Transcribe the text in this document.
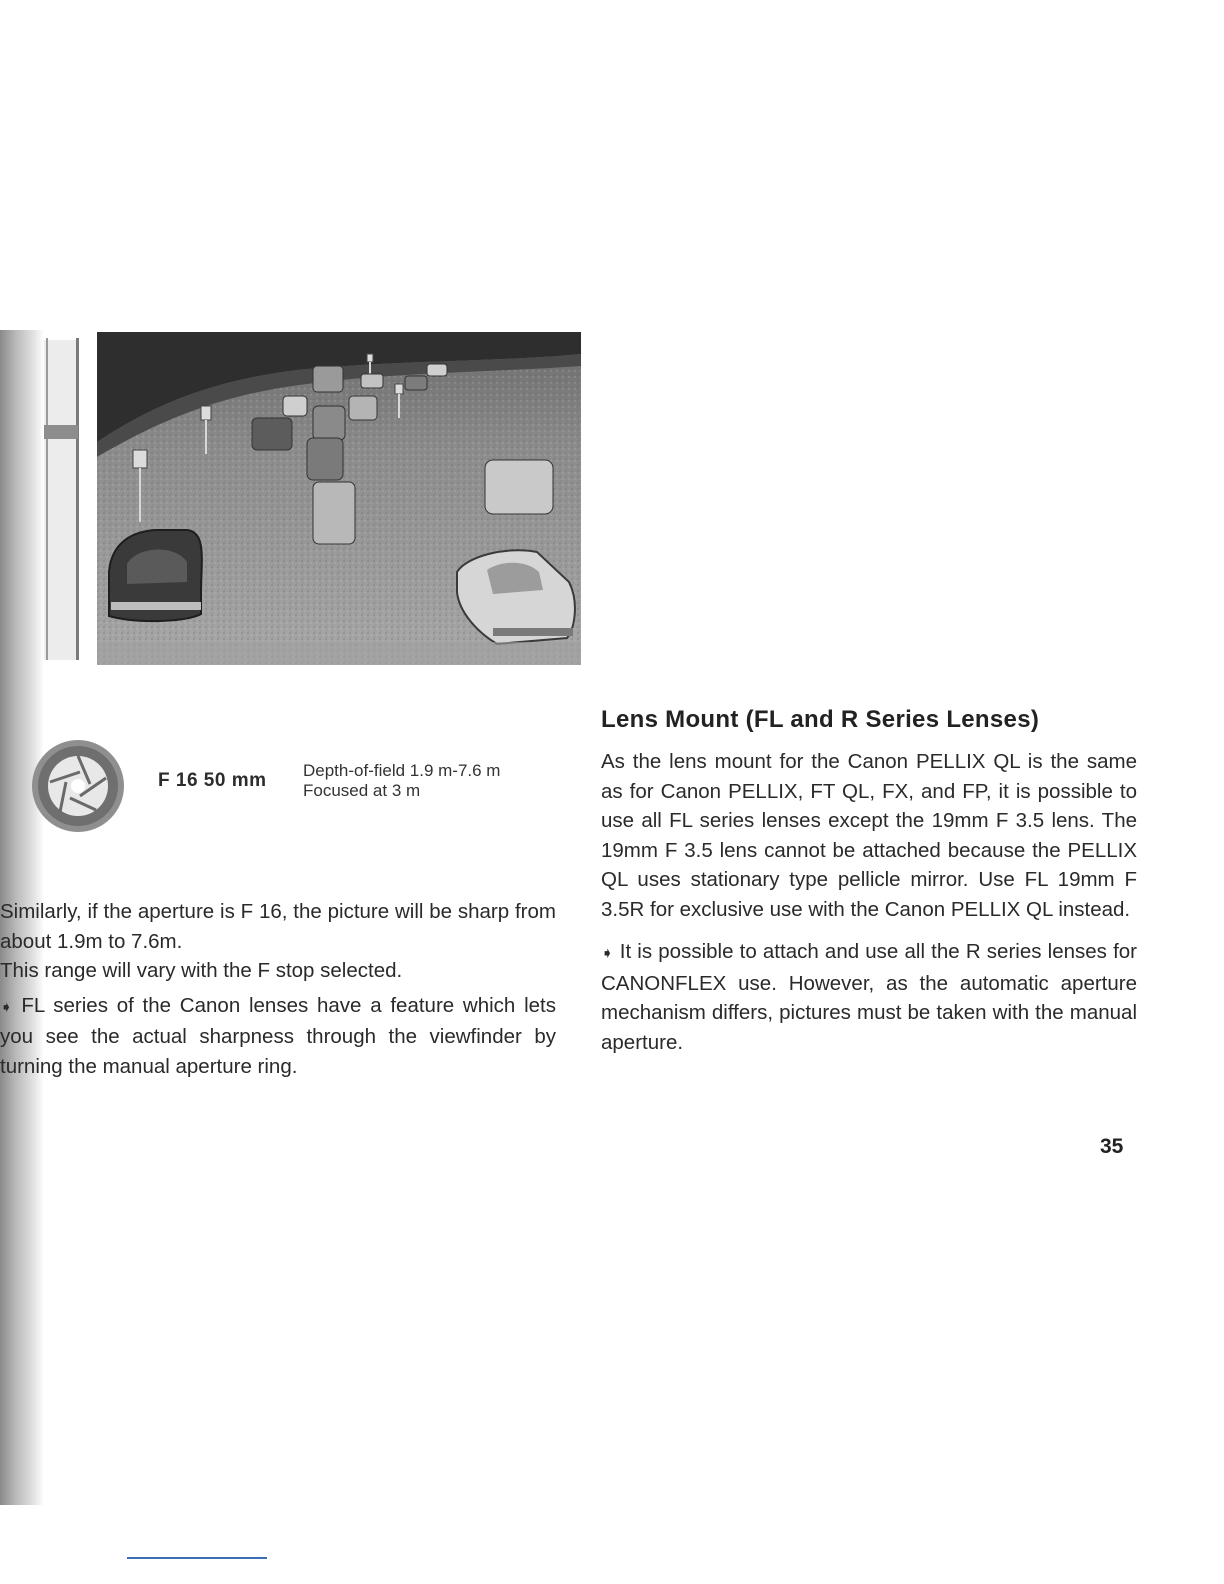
F 16 50 mm Depth-of-field 1.9 m-7.6 m
Focused at 3 m

Similarly, if the aperture is F 16, the picture will be sharp from about 1.9m to 7.6m.

This range will vary with the F stop selected.

➧ FL series of the Canon lenses have a feature which lets you see the actual sharpness through the viewfinder by turning the manual aperture ring.

Lens Mount (FL and R Series Lenses)

As the lens mount for the Canon PELLIX QL is the same as for Canon PELLIX, FT QL, FX, and FP, it is possible to use all FL series lenses except the 19mm F 3.5 lens. The 19mm F 3.5 lens cannot be attached because the PELLIX QL uses stationary type pellicle mirror. Use FL 19mm F 3.5R for exclusive use with the Canon PELLIX QL instead.

➧ It is possible to attach and use all the R series lenses for CANONFLEX use. However, as the automatic aperture mechanism differs, pictures must be taken with the manual aperture.

35
